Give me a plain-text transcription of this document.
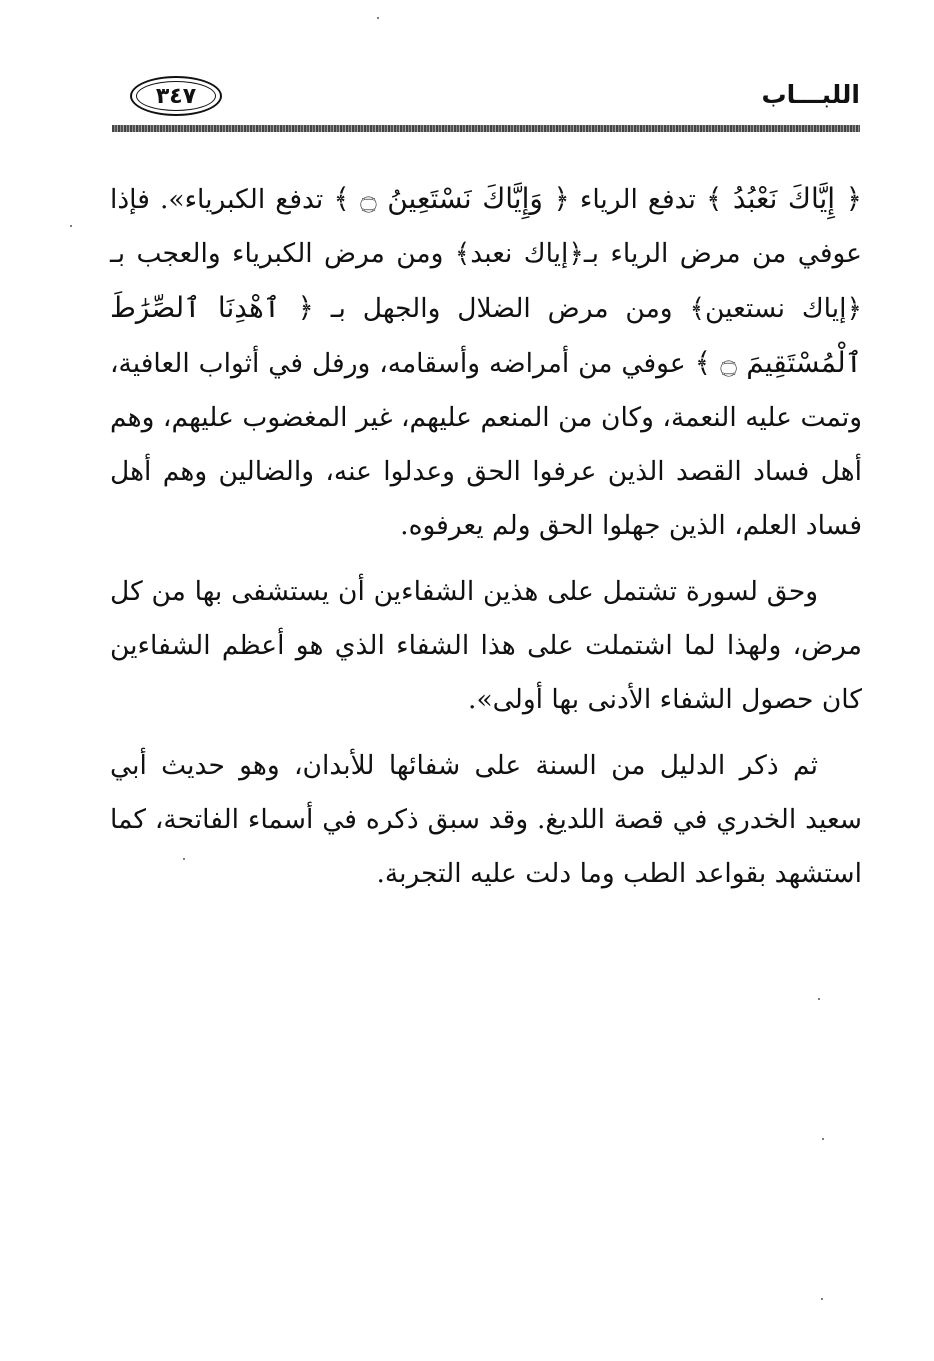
اللبـــاب
٣٤٧

﴿ إِيَّاكَ نَعْبُدُ ﴾ تدفع الرياء ﴿ وَإِيَّاكَ نَسْتَعِينُ ۝ ﴾ تدفع الكبرياء». فإذا عوفي من مرض الرياء بـ﴿إياك نعبد﴾ ومن مرض الكبرياء والعجب بـ ﴿إياك نستعين﴾ ومن مرض الضلال والجهل بـ ﴿ ٱهْدِنَا ٱلصِّرَٰطَ ٱلْمُسْتَقِيمَ ۝ ﴾ عوفي من أمراضه وأسقامه، ورفل في أثواب العافية، وتمت عليه النعمة، وكان من المنعم عليهم، غير المغضوب عليهم، وهم أهل فساد القصد الذين عرفوا الحق وعدلوا عنه، والضالين وهم أهل فساد العلم، الذين جهلوا الحق ولم يعرفوه.

وحق لسورة تشتمل على هذين الشفاءين أن يستشفى بها من كل مرض، ولهذا لما اشتملت على هذا الشفاء الذي هو أعظم الشفاءين كان حصول الشفاء الأدنى بها أولى».

ثم ذكر الدليل من السنة على شفائها للأبدان، وهو حديث أبي سعيد الخدري في قصة اللديغ. وقد سبق ذكره في أسماء الفاتحة، كما استشهد بقواعد الطب وما دلت عليه التجربة.
